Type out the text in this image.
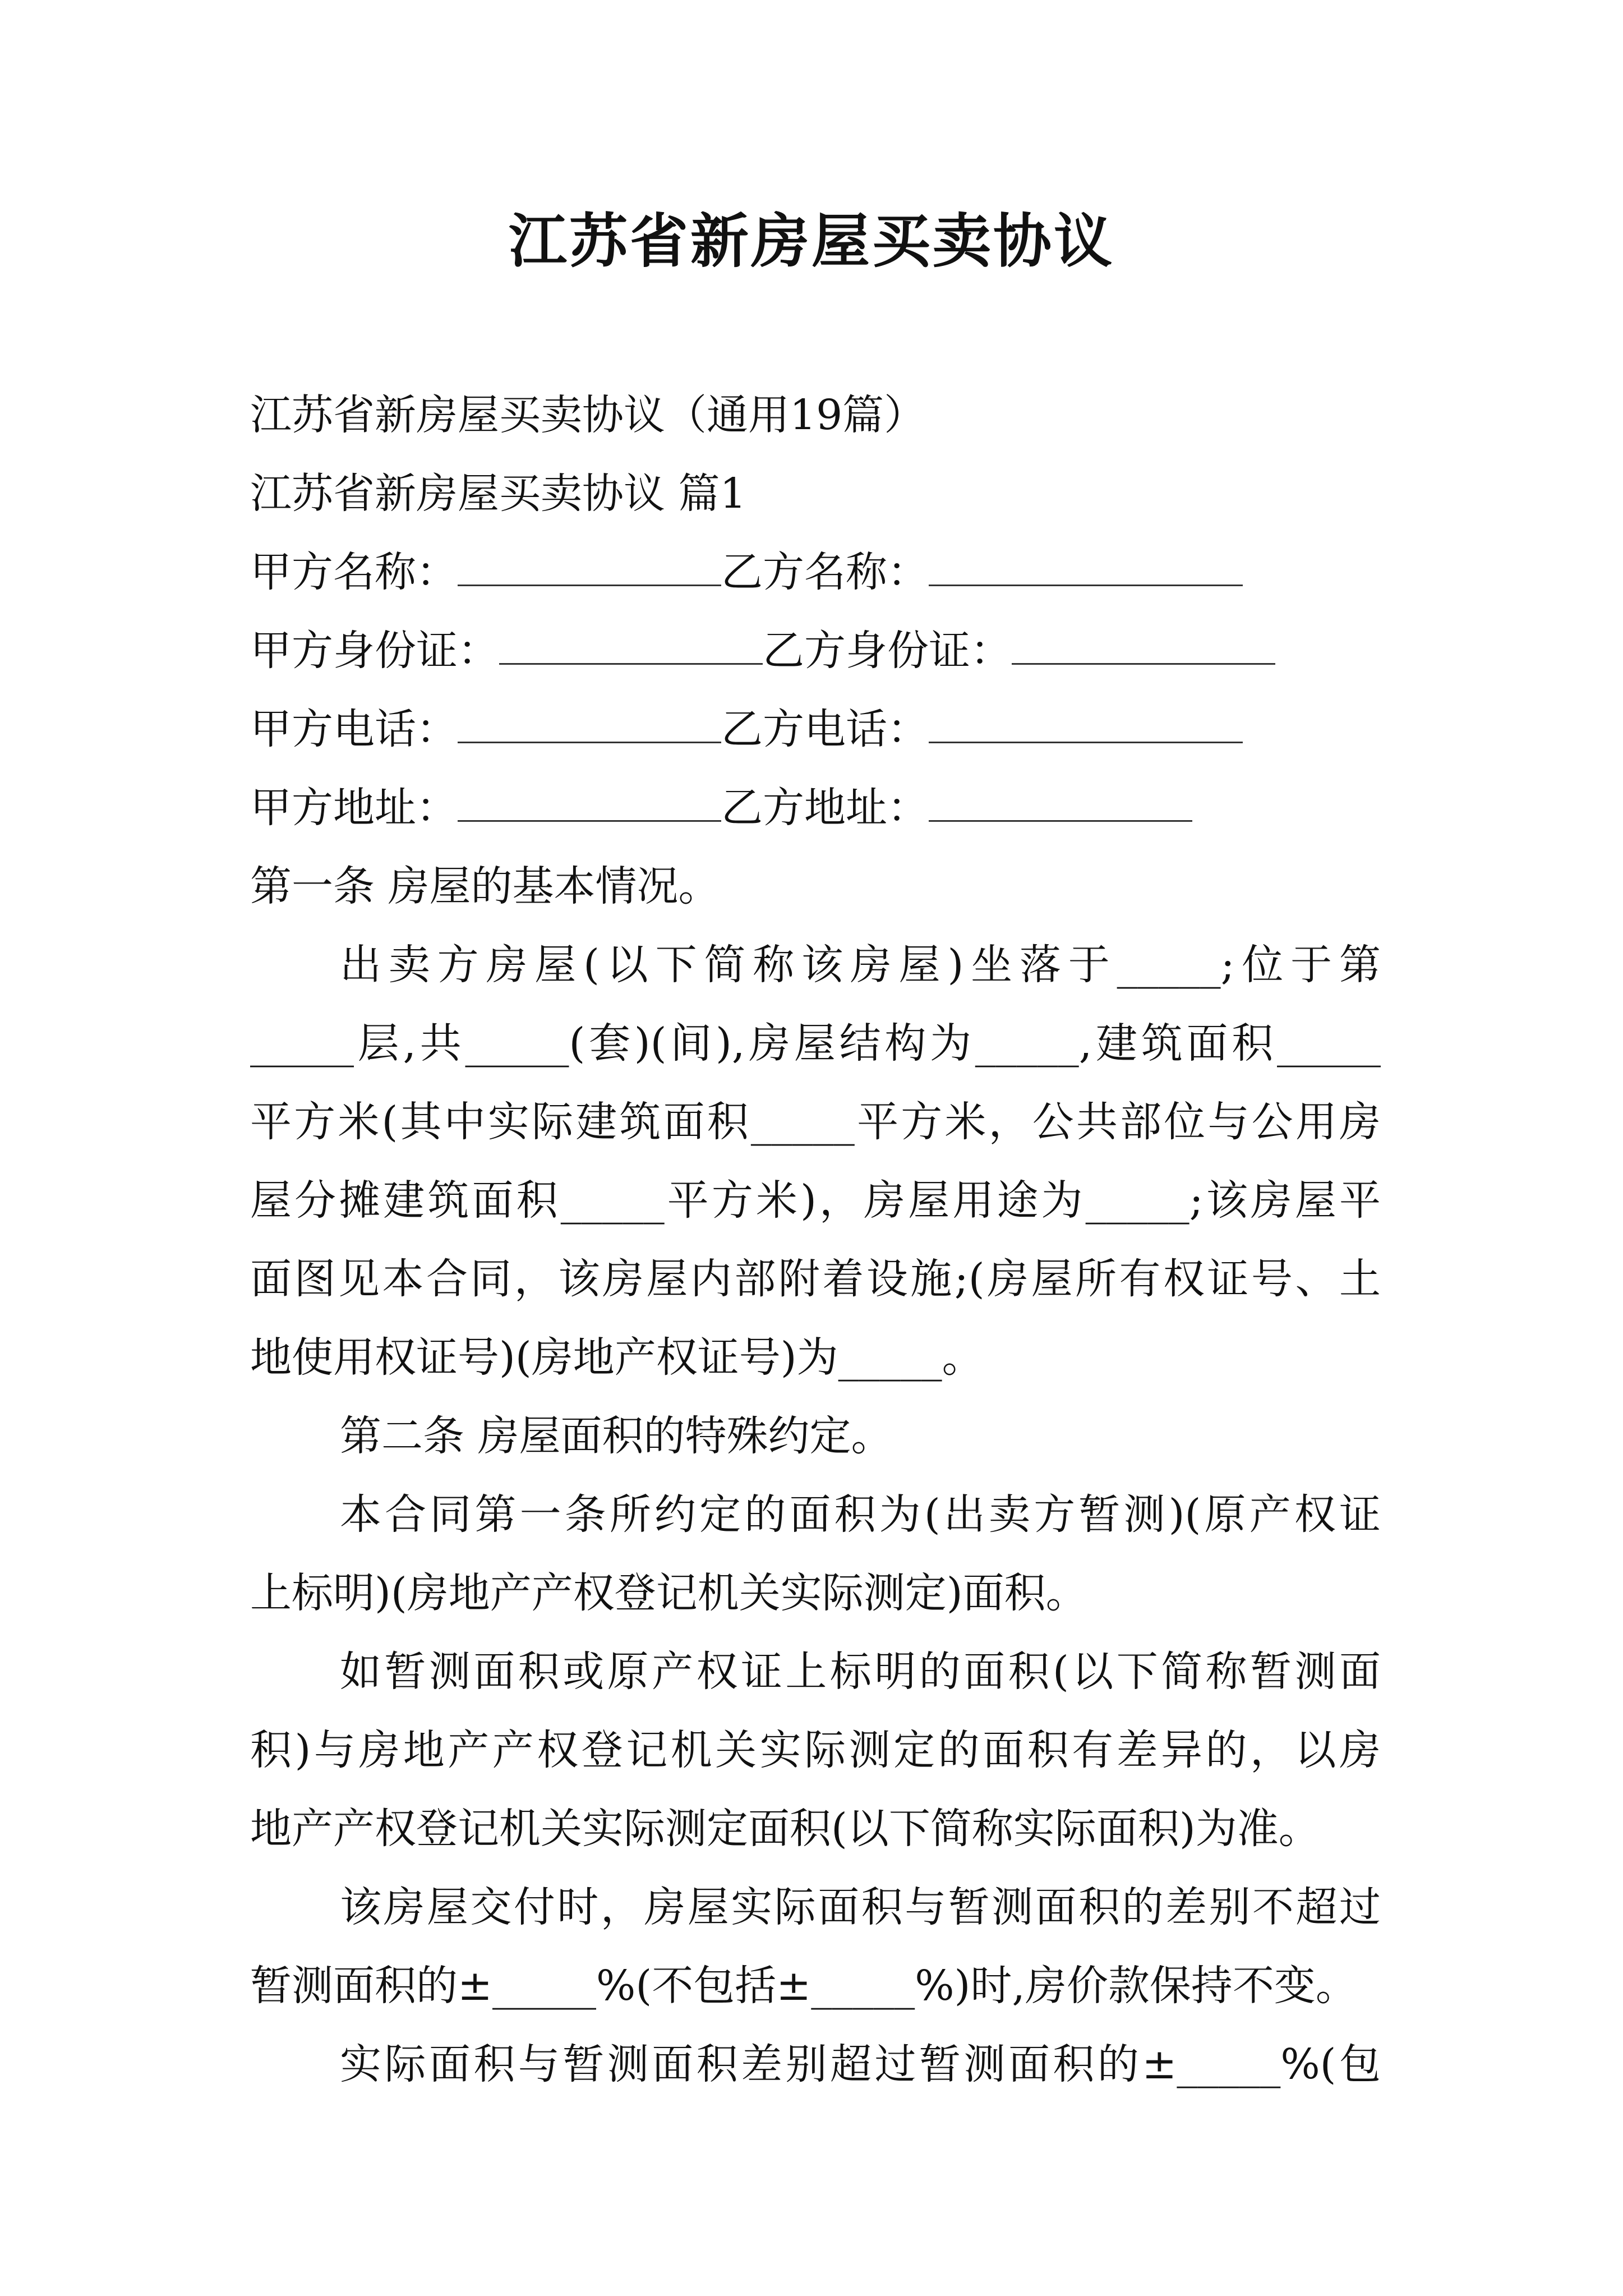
江苏省新房屋买卖协议
江苏省新房屋买卖协议（通用19篇）
江苏省新房屋买卖协议 篇1
甲方名称：	乙方名称：
甲方身份证：	乙方身份证：
甲方电话：	乙方电话：
甲方地址：	乙方地址：
第一条 房屋的基本情况。

出卖方房屋(以下简称该房屋)坐落于_____;位于第

_____层,共_____(套)(间),房屋结构为_____,建筑面积_____

平方米(其中实际建筑面积_____平方米，公共部位与公用房

屋分摊建筑面积_____平方米)，房屋用途为_____;该房屋平

面图见本合同，该房屋内部附着设施;(房屋所有权证号、土

地使用权证号)(房地产权证号)为_____。

第二条 房屋面积的特殊约定。

本合同第一条所约定的面积为(出卖方暂测)(原产权证

上标明)(房地产产权登记机关实际测定)面积。

如暂测面积或原产权证上标明的面积(以下简称暂测面

积)与房地产产权登记机关实际测定的面积有差异的，以房

地产产权登记机关实际测定面积(以下简称实际面积)为准。

该房屋交付时，房屋实际面积与暂测面积的差别不超过

暂测面积的±_____%(不包括±_____%)时,房价款保持不变。

实际面积与暂测面积差别超过暂测面积的±_____%(包
